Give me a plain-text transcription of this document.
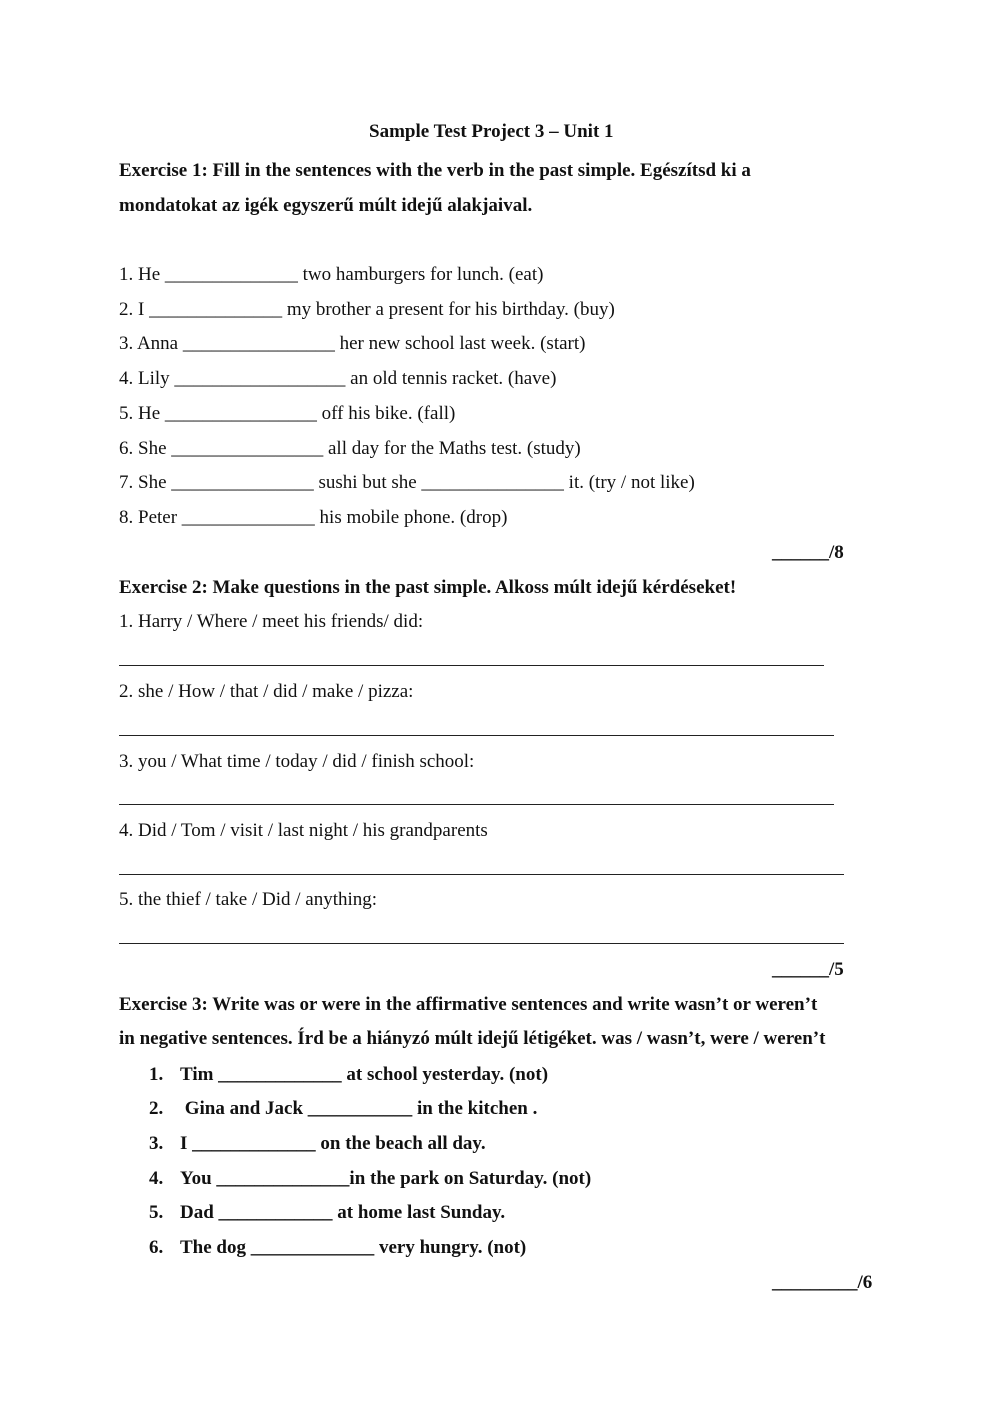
Sample Test Project 3 – Unit 1
Exercise 1: Fill in the sentences with the verb in the past simple. Egészítsd ki a
mondatokat az igék egyszerű múlt idejű alakjaival.
1. He ______________ two hamburgers for lunch. (eat)
2. I ______________ my brother a present for his birthday. (buy)
3. Anna ________________ her new school last week. (start)
4. Lily __________________ an old tennis racket. (have)
5. He ________________ off his bike. (fall)
6. She ________________ all day for the Maths test. (study)
7. She _______________ sushi but she _______________ it. (try / not like)
8. Peter ______________ his mobile phone. (drop)
______/8
Exercise 2: Make questions in the past simple. Alkoss múlt idejű kérdéseket!
1. Harry / Where / meet his friends/ did:
2. she / How / that / did / make / pizza:
3. you / What time / today / did / finish school:
4. Did / Tom / visit / last night / his grandparents
5. the thief / take / Did / anything:
______/5
Exercise 3: Write was or were in the affirmative sentences and write wasn’t or weren’t
in negative sentences. Írd be a hiányzó múlt idejű létigéket. was / wasn’t, were / weren’t
1. Tim _____________ at school yesterday. (not)
2. Gina and Jack ___________ in the kitchen .
3. I _____________ on the beach all day.
4. You ______________in the park on Saturday. (not)
5. Dad ____________ at home last Sunday.
6. The dog _____________ very hungry. (not)
_________/6
